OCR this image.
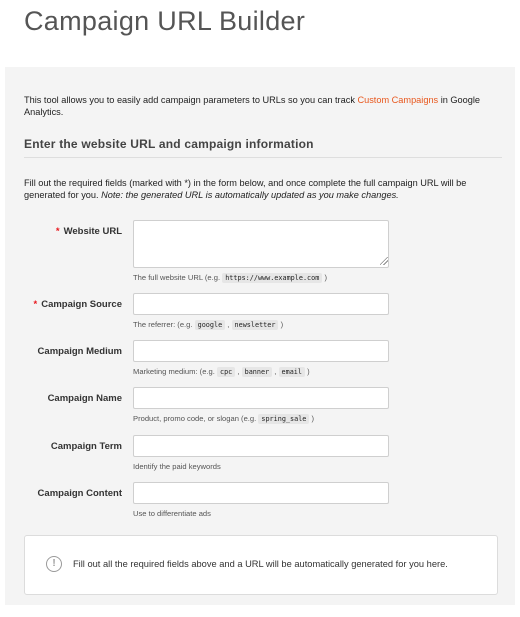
Campaign URL Builder

This tool allows you to easily add campaign parameters to URLs so you can track Custom Campaigns in Google Analytics.

Enter the website URL and campaign information

Fill out the required fields (marked with *) in the form below, and once complete the full campaign URL will be generated for you. Note: the generated URL is automatically updated as you make changes.

* Website URL
The full website URL (e.g. https://www.example.com )
* Campaign Source
The referrer: (e.g. google , newsletter )
Campaign Medium
Marketing medium: (e.g. cpc , banner , email )
Campaign Name
Product, promo code, or slogan (e.g. spring_sale )
Campaign Term
Identify the paid keywords
Campaign Content
Use to differentiate ads
!	Fill out all the required fields above and a URL will be automatically generated for you here.
